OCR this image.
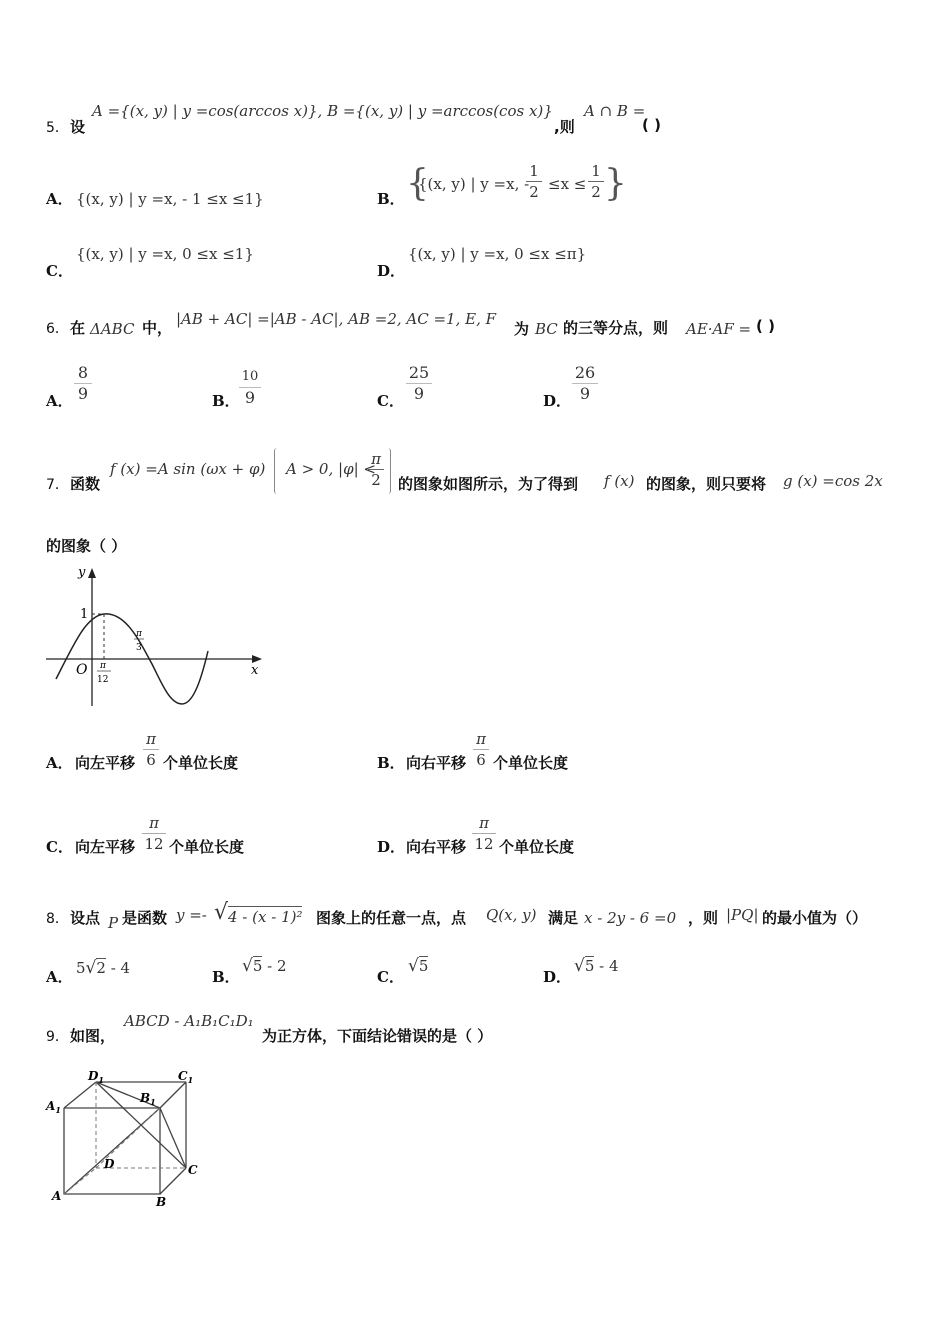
5． 设
A ={(x, y) | y =cos(arccos x)}, B ={(x, y) | y =arccos(cos x)}
,则
A ∩ B =
( )
A． {(x, y) | y =x, - 1 ≤x ≤1}	B． {
{(x, y) | y =x, -
1
2 ≤x ≤
1
2 }
C．
{(x, y) | y =x, 0 ≤x ≤1}
D．
{(x, y) | y =x, 0 ≤x ≤π}
6． 在 ΔABC 中， |AB + AC| =|AB - AC|, AB =2, AC =1, E, F
为 BC 的三等分点，则 AE·AF = ( )
A．
8
9	B．
10
9	C．
25
9	D．
26
9
7． 函数
f (x) =A sin (ωx + φ) A > 0, |φ| <
π
2 的图象如图所示，为了得到 f (x) 的图象，则只要将 g (x) =cos 2x
的图象（ ）
y
x
O
1
π
12
π
3
A． 向左平移
π
6 个单位长度	B． 向右平移
π
6 个单位长度
C． 向左平移
π
12 个单位长度	D． 向右平移
π
12 个单位长度
8． 设点 P 是函数 y =- √ 4 - (x - 1)² 图象上的任意一点，点 Q(x, y) 满足 x - 2y - 6 =0 ，则 |PQ| 的最小值为（）
A． 5√2 - 4	B．
√5 - 2
C．
√5
D．
√5 - 4
9． 如图，
ABCD - A₁B₁C₁D₁
为正方体，下面结论错误的是（ ）
$D_1$	$C_1$
$A_1$
$B_1$
D	C
A	B
